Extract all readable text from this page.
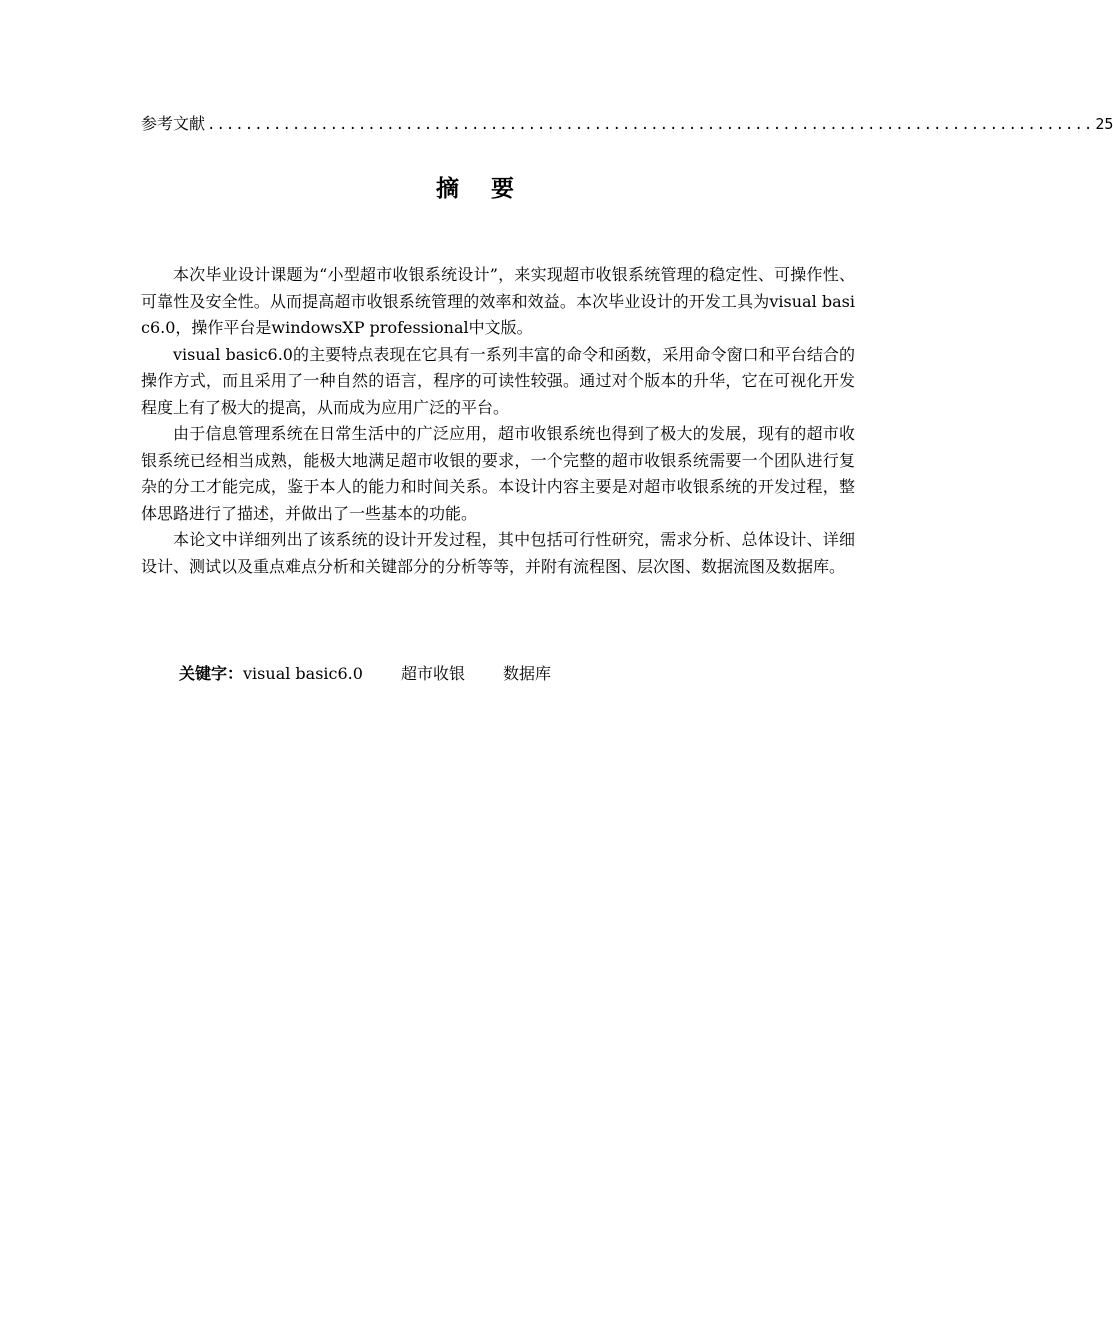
参考文献 .............................................................................................. 25
摘 要

本次毕业设计课题为“小型超市收银系统设计”，来实现超市收银系统管理的稳定性、可操作性、可靠性及安全性。从而提高超市收银系统管理的效率和效益。本次毕业设计的开发工具为visual basic6.0，操作平台是windowsXP professional中文版。

visual basic6.0的主要特点表现在它具有一系列丰富的命令和函数，采用命令窗口和平台结合的操作方式，而且采用了一种自然的语言，程序的可读性较强。通过对个版本的升华，它在可视化开发程度上有了极大的提高，从而成为应用广泛的平台。

由于信息管理系统在日常生活中的广泛应用，超市收银系统也得到了极大的发展，现有的超市收银系统已经相当成熟，能极大地满足超市收银的要求，一个完整的超市收银系统需要一个团队进行复杂的分工才能完成，鉴于本人的能力和时间关系。本设计内容主要是对超市收银系统的开发过程，整体思路进行了描述，并做出了一些基本的功能。

本论文中详细列出了该系统的设计开发过程，其中包括可行性研究，需求分析、总体设计、详细设计、测试以及重点难点分析和关键部分的分析等等，并附有流程图、层次图、数据流图及数据库。

关键字：visual basic6.0 超市收银 数据库
